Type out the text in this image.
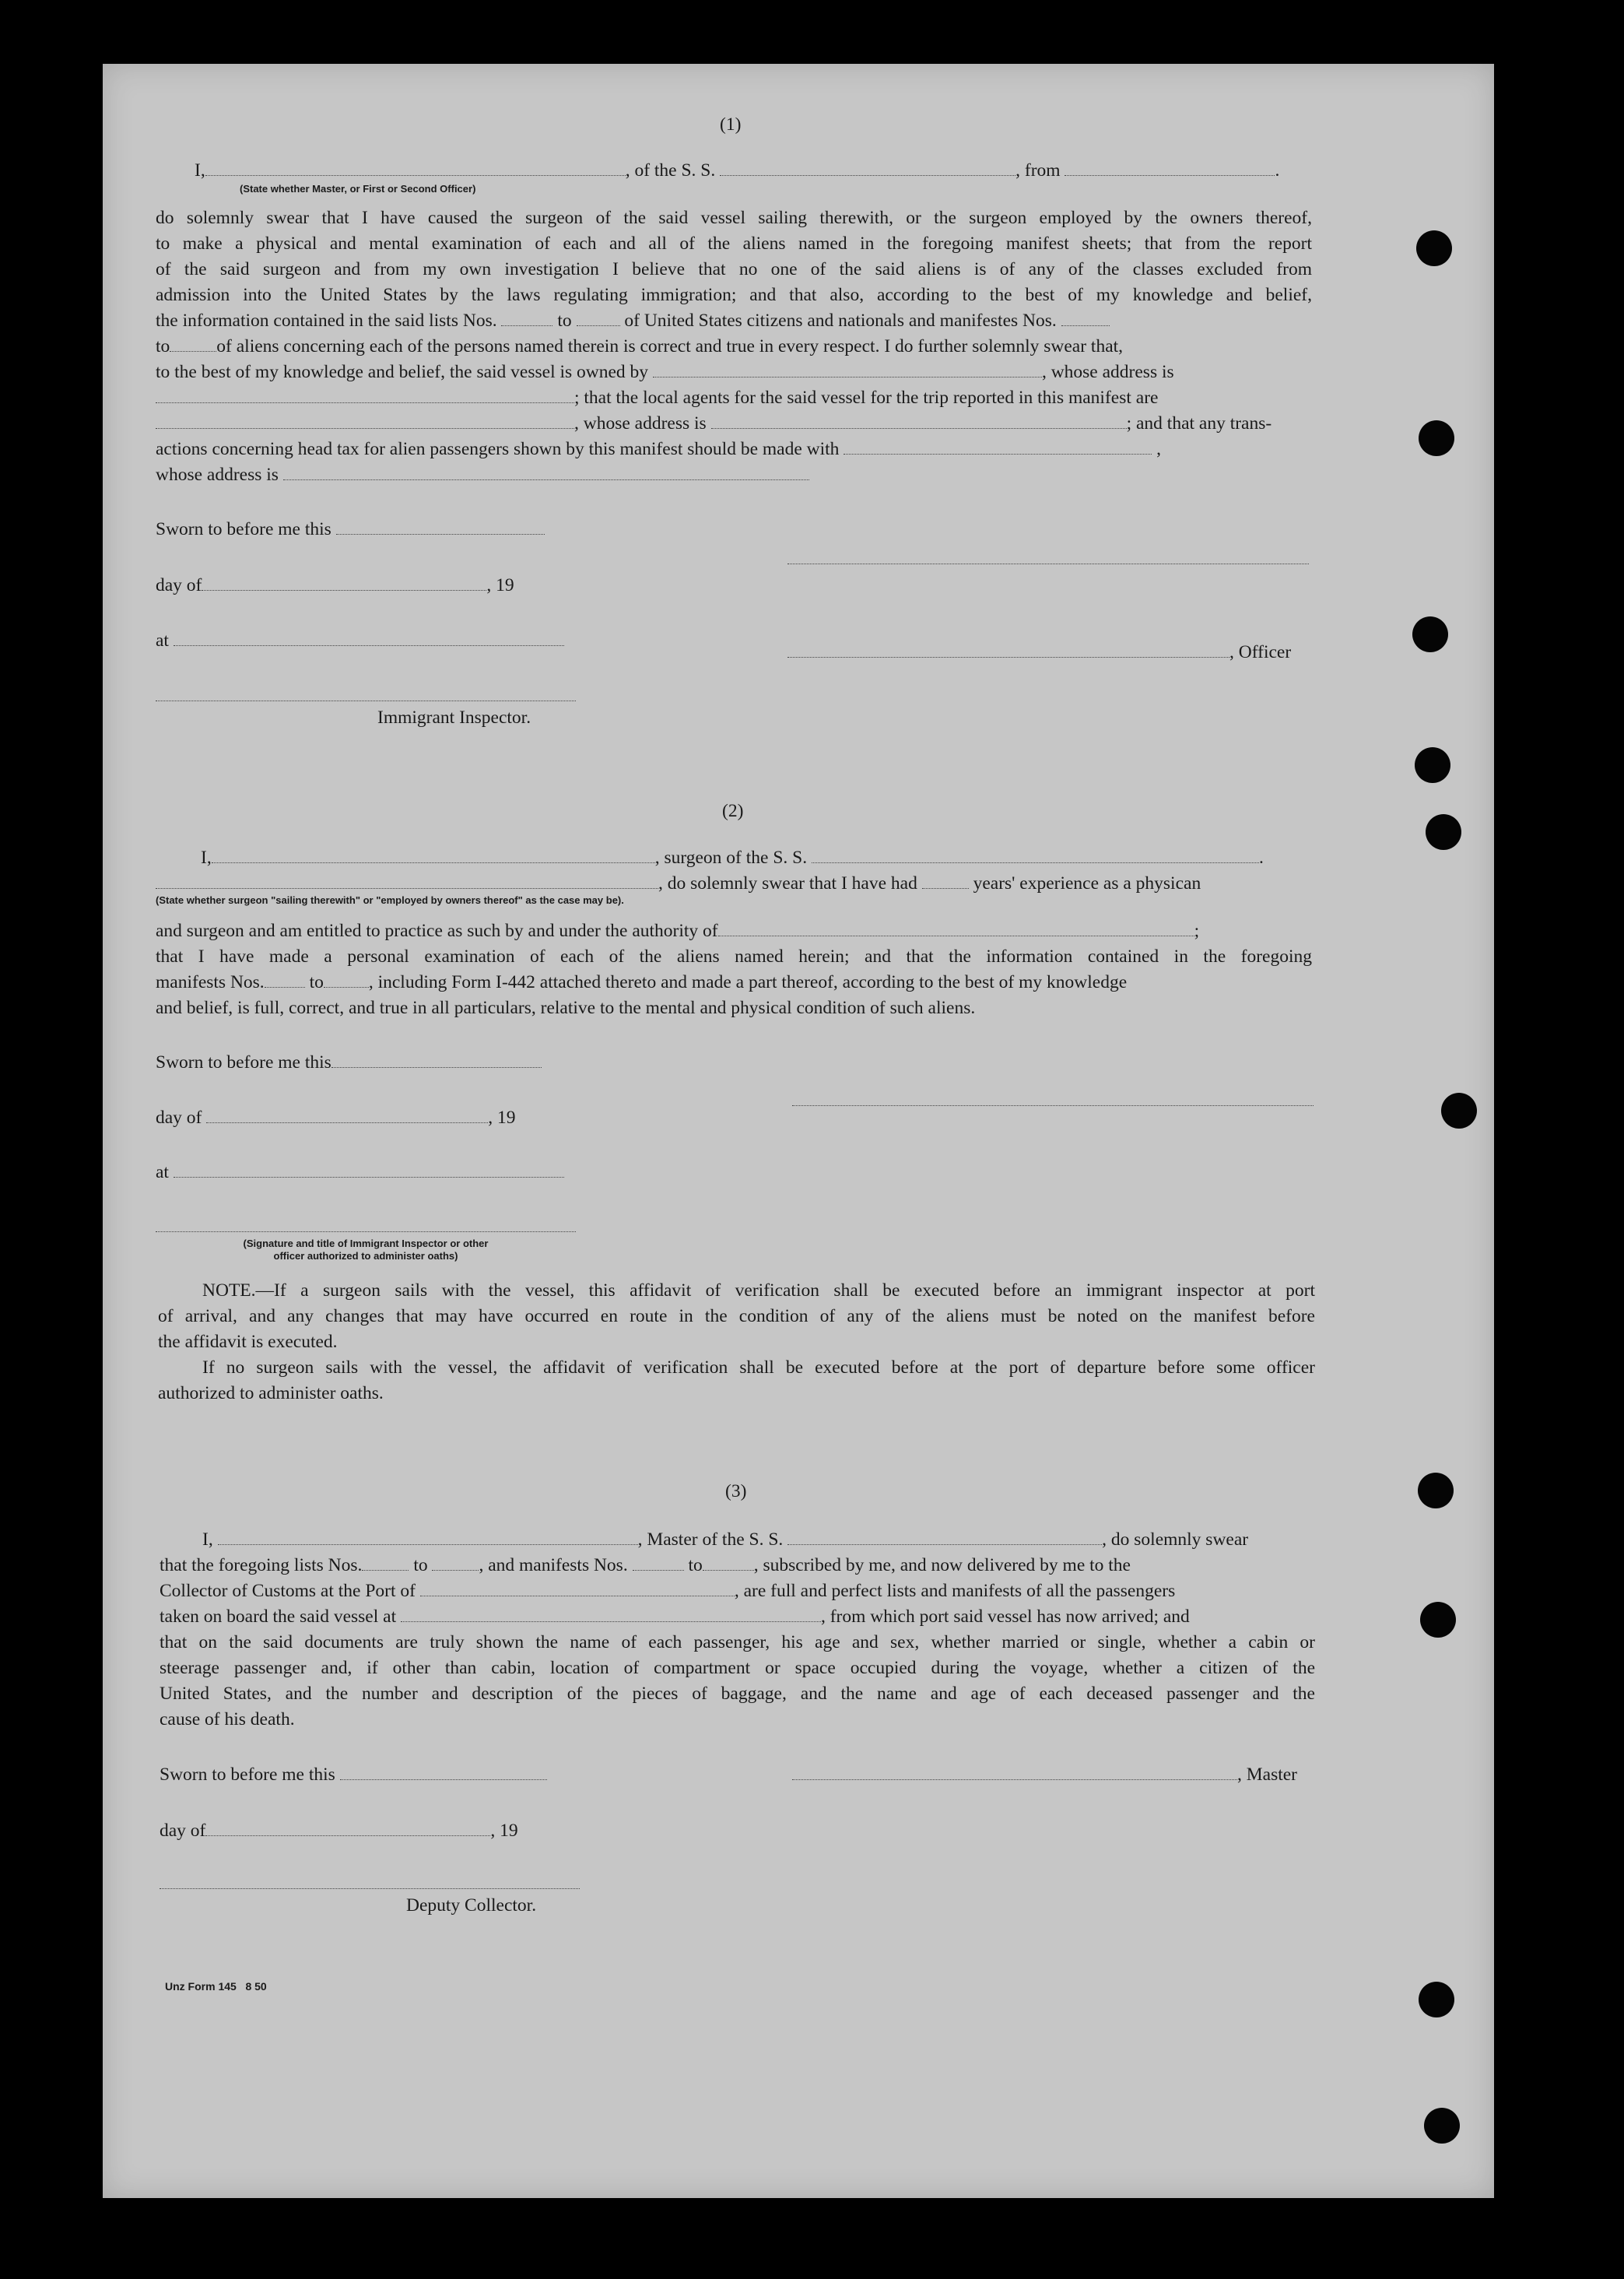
(1)
I,	, of the S. S.	, from	.
(State whether Master, or First or Second Officer)
do solemnly swear that I have caused the surgeon of the said vessel sailing therewith, or the surgeon employed by the owners thereof,
to make a physical and mental examination of each and all of the aliens named in the foregoing manifest sheets; that from the report
of the said surgeon and from my own investigation I believe that no one of the said aliens is of any of the classes excluded from
admission into the United States by the laws regulating immigration; and that also, according to the best of my knowledge and belief,
the information contained in the said lists Nos.	to	of United States citizens and nationals and manifestes Nos.
to	of aliens concerning each of the persons named therein is correct and true in every respect. I do further solemnly swear that,
to the best of my knowledge and belief, the said vessel is owned by	, whose address is
; that the local agents for the said vessel for the trip reported in this manifest are
, whose address is	; and that any trans-
actions concerning head tax for alien passengers shown by this manifest should be made with	,
whose address is
Sworn to before me this
day of	, 19
at
, Officer
Immigrant Inspector.
(2)
I,	, surgeon of the S. S.	.
, do solemnly swear that I have had	years' experience as a physican
(State whether surgeon "sailing therewith" or "employed by owners thereof" as the case may be).
and surgeon and am entitled to practice as such by and under the authority of	;
that I have made a personal examination of each of the aliens named herein; and that the information contained in the foregoing
manifests Nos. to , including Form I-442 attached thereto and made a part thereof, according to the best of my knowledge
and belief, is full, correct, and true in all particulars, relative to the mental and physical condition of such aliens.
Sworn to before me this
day of	, 19
at
(Signature and title of Immigrant Inspector or other
officer authorized to administer oaths)
NOTE.—If a surgeon sails with the vessel, this affidavit of verification shall be executed before an immigrant inspector at port
of arrival, and any changes that may have occurred en route in the condition of any of the aliens must be noted on the manifest before
the affidavit is executed.
If no surgeon sails with the vessel, the affidavit of verification shall be executed before at the port of departure before some officer
authorized to administer oaths.
(3)
I,	, Master of the S. S.	, do solemnly swear
that the foregoing lists Nos.	to	, and manifests Nos.	to	, subscribed by me, and now delivered by me to the
Collector of Customs at the Port of	, are full and perfect lists and manifests of all the passengers
taken on board the said vessel at	, from which port said vessel has now arrived; and
that on the said documents are truly shown the name of each passenger, his age and sex, whether married or single, whether a cabin or
steerage passenger and, if other than cabin, location of compartment or space occupied during the voyage, whether a citizen of the
United States, and the number and description of the pieces of baggage, and the name and age of each deceased passenger and the
cause of his death.
Sworn to before me this	, Master
day of	, 19
Deputy Collector.
Unz Form 145   8 50
